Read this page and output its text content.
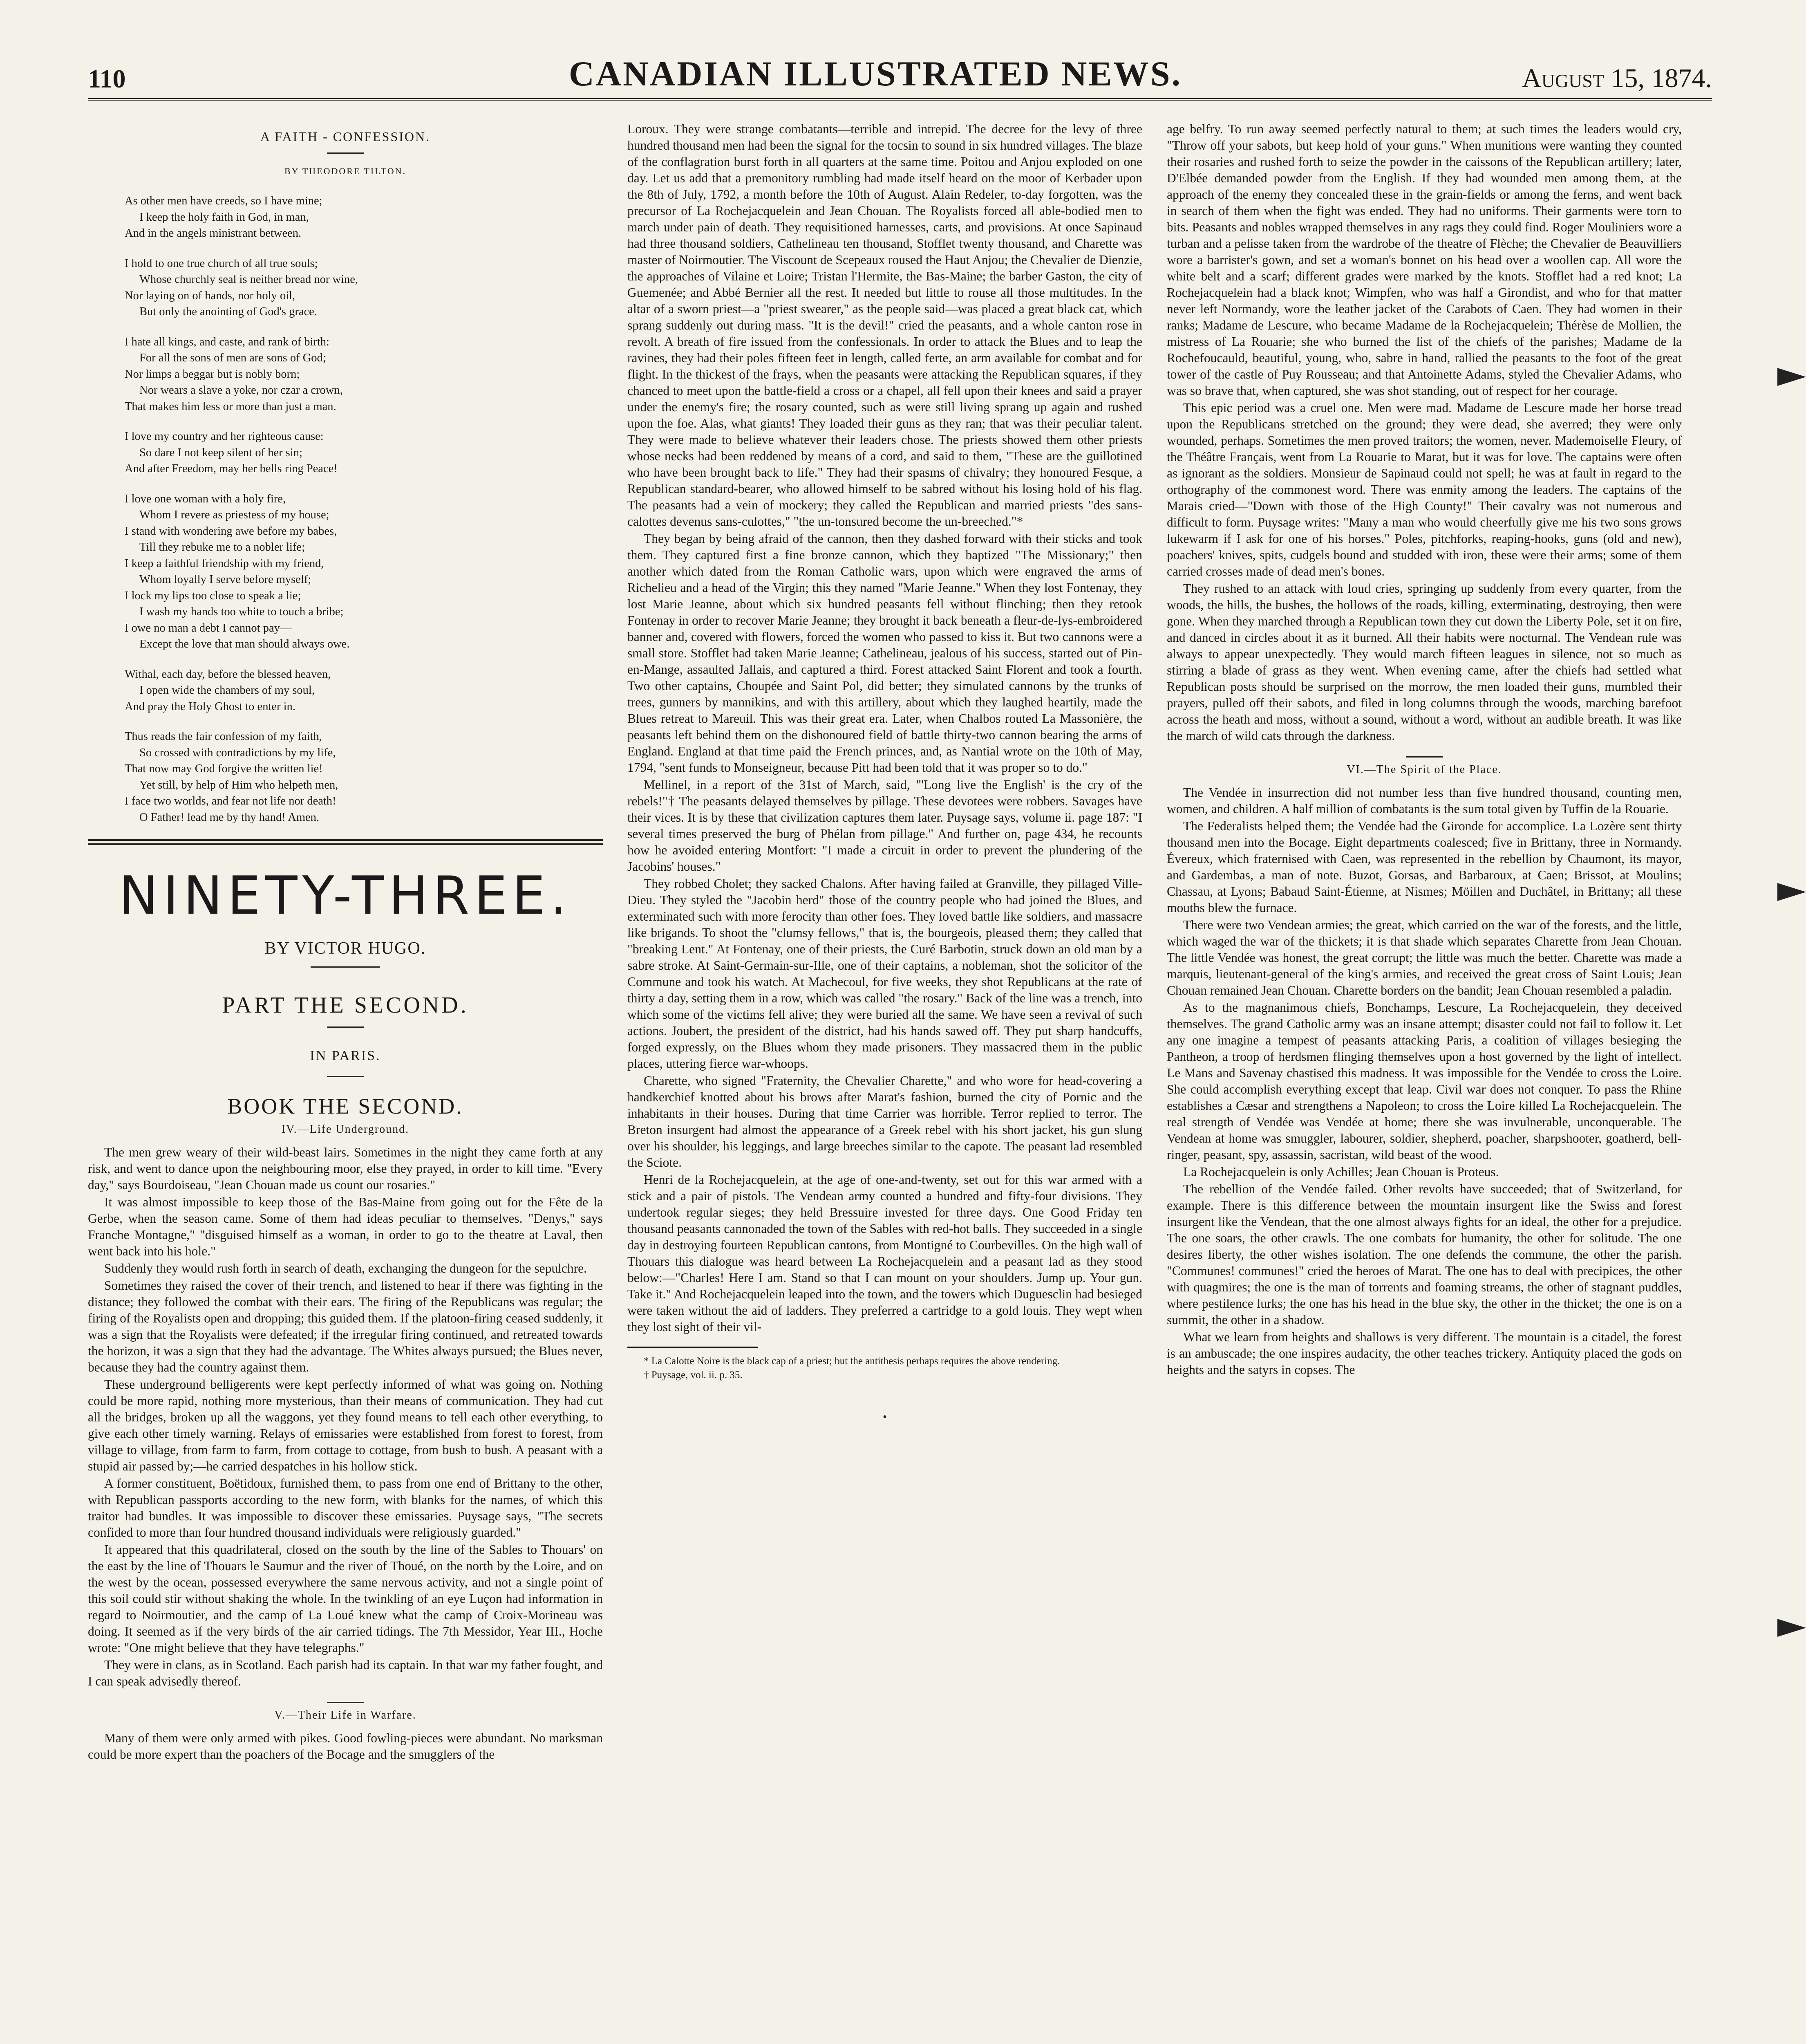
110	CANADIAN ILLUSTRATED NEWS.	August 15, 1874.
A FAITH - CONFESSION.
BY THEODORE TILTON.
As other men have creeds, so I have mine;
I keep the holy faith in God, in man,
And in the angels ministrant between.
I hold to one true church of all true souls;
Whose churchly seal is neither bread nor wine,
Nor laying on of hands, nor holy oil,
But only the anointing of God's grace.
I hate all kings, and caste, and rank of birth:
For all the sons of men are sons of God;
Nor limps a beggar but is nobly born;
Nor wears a slave a yoke, nor czar a crown,
That makes him less or more than just a man.
I love my country and her righteous cause:
So dare I not keep silent of her sin;
And after Freedom, may her bells ring Peace!
I love one woman with a holy fire,
Whom I revere as priestess of my house;
I stand with wondering awe before my babes,
Till they rebuke me to a nobler life;
I keep a faithful friendship with my friend,
Whom loyally I serve before myself;
I lock my lips too close to speak a lie;
I wash my hands too white to touch a bribe;
I owe no man a debt I cannot pay—
Except the love that man should always owe.
Withal, each day, before the blessed heaven,
I open wide the chambers of my soul,
And pray the Holy Ghost to enter in.
Thus reads the fair confession of my faith,
So crossed with contradictions by my life,
That now may God forgive the written lie!
Yet still, by help of Him who helpeth men,
I face two worlds, and fear not life nor death!
O Father! lead me by thy hand! Amen.
NINETY-THREE.
BY VICTOR HUGO.
PART THE SECOND.
IN PARIS.
BOOK THE SECOND.
IV.—Life Underground.

The men grew weary of their wild-beast lairs. Sometimes in the night they came forth at any risk, and went to dance upon the neighbouring moor, else they prayed, in order to kill time. "Every day," says Bourdoiseau, "Jean Chouan made us count our rosaries."

It was almost impossible to keep those of the Bas-Maine from going out for the Fête de la Gerbe, when the season came. Some of them had ideas peculiar to themselves. "Denys," says Franche Montagne," "disguised himself as a woman, in order to go to the theatre at Laval, then went back into his hole."

Suddenly they would rush forth in search of death, exchanging the dungeon for the sepulchre.

Sometimes they raised the cover of their trench, and listened to hear if there was fighting in the distance; they followed the combat with their ears. The firing of the Republicans was regular; the firing of the Royalists open and dropping; this guided them. If the platoon-firing ceased suddenly, it was a sign that the Royalists were defeated; if the irregular firing continued, and retreated towards the horizon, it was a sign that they had the advantage. The Whites always pursued; the Blues never, because they had the country against them.

These underground belligerents were kept perfectly informed of what was going on. Nothing could be more rapid, nothing more mysterious, than their means of communication. They had cut all the bridges, broken up all the waggons, yet they found means to tell each other everything, to give each other timely warning. Relays of emissaries were established from forest to forest, from village to village, from farm to farm, from cottage to cottage, from bush to bush. A peasant with a stupid air passed by;—he carried despatches in his hollow stick.

A former constituent, Boëtidoux, furnished them, to pass from one end of Brittany to the other, with Republican passports according to the new form, with blanks for the names, of which this traitor had bundles. It was impossible to discover these emissaries. Puysage says, "The secrets confided to more than four hundred thousand individuals were religiously guarded."

It appeared that this quadrilateral, closed on the south by the line of the Sables to Thouars' on the east by the line of Thouars le Saumur and the river of Thoué, on the north by the Loire, and on the west by the ocean, possessed everywhere the same nervous activity, and not a single point of this soil could stir without shaking the whole. In the twinkling of an eye Luçon had information in regard to Noirmoutier, and the camp of La Loué knew what the camp of Croix-Morineau was doing. It seemed as if the very birds of the air carried tidings. The 7th Messidor, Year III., Hoche wrote: "One might believe that they have telegraphs."

They were in clans, as in Scotland. Each parish had its captain. In that war my father fought, and I can speak advisedly thereof.

V.—Their Life in Warfare.

Many of them were only armed with pikes. Good fowling-pieces were abundant. No marksman could be more expert than the poachers of the Bocage and the smugglers of the

Loroux. They were strange combatants—terrible and intrepid. The decree for the levy of three hundred thousand men had been the signal for the tocsin to sound in six hundred villages. The blaze of the conflagration burst forth in all quarters at the same time. Poitou and Anjou exploded on one day. Let us add that a premonitory rumbling had made itself heard on the moor of Kerbader upon the 8th of July, 1792, a month before the 10th of August. Alain Redeler, to-day forgotten, was the precursor of La Rochejacquelein and Jean Chouan. The Royalists forced all able-bodied men to march under pain of death. They requisitioned harnesses, carts, and provisions. At once Sapinaud had three thousand soldiers, Cathelineau ten thousand, Stofflet twenty thousand, and Charette was master of Noirmoutier. The Viscount de Scepeaux roused the Haut Anjou; the Chevalier de Dienzie, the approaches of Vilaine et Loire; Tristan l'Hermite, the Bas-Maine; the barber Gaston, the city of Guemenée; and Abbé Bernier all the rest. It needed but little to rouse all those multitudes. In the altar of a sworn priest—a "priest swearer," as the people said—was placed a great black cat, which sprang suddenly out during mass. "It is the devil!" cried the peasants, and a whole canton rose in revolt. A breath of fire issued from the confessionals. In order to attack the Blues and to leap the ravines, they had their poles fifteen feet in length, called ferte, an arm available for combat and for flight. In the thickest of the frays, when the peasants were attacking the Republican squares, if they chanced to meet upon the battle-field a cross or a chapel, all fell upon their knees and said a prayer under the enemy's fire; the rosary counted, such as were still living sprang up again and rushed upon the foe. Alas, what giants! They loaded their guns as they ran; that was their peculiar talent. They were made to believe whatever their leaders chose. The priests showed them other priests whose necks had been reddened by means of a cord, and said to them, "These are the guillotined who have been brought back to life." They had their spasms of chivalry; they honoured Fesque, a Republican standard-bearer, who allowed himself to be sabred without his losing hold of his flag. The peasants had a vein of mockery; they called the Republican and married priests "des sans-calottes devenus sans-culottes," "the un-tonsured become the un-breeched."*

They began by being afraid of the cannon, then they dashed forward with their sticks and took them. They captured first a fine bronze cannon, which they baptized "The Missionary;" then another which dated from the Roman Catholic wars, upon which were engraved the arms of Richelieu and a head of the Virgin; this they named "Marie Jeanne." When they lost Fontenay, they lost Marie Jeanne, about which six hundred peasants fell without flinching; then they retook Fontenay in order to recover Marie Jeanne; they brought it back beneath a fleur-de-lys-embroidered banner and, covered with flowers, forced the women who passed to kiss it. But two cannons were a small store. Stofflet had taken Marie Jeanne; Cathelineau, jealous of his success, started out of Pin-en-Mange, assaulted Jallais, and captured a third. Forest attacked Saint Florent and took a fourth. Two other captains, Choupée and Saint Pol, did better; they simulated cannons by the trunks of trees, gunners by mannikins, and with this artillery, about which they laughed heartily, made the Blues retreat to Mareuil. This was their great era. Later, when Chalbos routed La Massonière, the peasants left behind them on the dishonoured field of battle thirty-two cannon bearing the arms of England. England at that time paid the French princes, and, as Nantial wrote on the 10th of May, 1794, "sent funds to Monseigneur, because Pitt had been told that it was proper so to do."

Mellinel, in a report of the 31st of March, said, "'Long live the English' is the cry of the rebels!"† The peasants delayed themselves by pillage. These devotees were robbers. Savages have their vices. It is by these that civilization captures them later. Puysage says, volume ii. page 187: "I several times preserved the burg of Phélan from pillage." And further on, page 434, he recounts how he avoided entering Montfort: "I made a circuit in order to prevent the plundering of the Jacobins' houses."

They robbed Cholet; they sacked Chalons. After having failed at Granville, they pillaged Ville-Dieu. They styled the "Jacobin herd" those of the country people who had joined the Blues, and exterminated such with more ferocity than other foes. They loved battle like soldiers, and massacre like brigands. To shoot the "clumsy fellows," that is, the bourgeois, pleased them; they called that "breaking Lent." At Fontenay, one of their priests, the Curé Barbotin, struck down an old man by a sabre stroke. At Saint-Germain-sur-Ille, one of their captains, a nobleman, shot the solicitor of the Commune and took his watch. At Machecoul, for five weeks, they shot Republicans at the rate of thirty a day, setting them in a row, which was called "the rosary." Back of the line was a trench, into which some of the victims fell alive; they were buried all the same. We have seen a revival of such actions. Joubert, the president of the district, had his hands sawed off. They put sharp handcuffs, forged expressly, on the Blues whom they made prisoners. They massacred them in the public places, uttering fierce war-whoops.

Charette, who signed "Fraternity, the Chevalier Charette," and who wore for head-covering a handkerchief knotted about his brows after Marat's fashion, burned the city of Pornic and the inhabitants in their houses. During that time Carrier was horrible. Terror replied to terror. The Breton insurgent had almost the appearance of a Greek rebel with his short jacket, his gun slung over his shoulder, his leggings, and large breeches similar to the capote. The peasant lad resembled the Sciote.

Henri de la Rochejacquelein, at the age of one-and-twenty, set out for this war armed with a stick and a pair of pistols. The Vendean army counted a hundred and fifty-four divisions. They undertook regular sieges; they held Bressuire invested for three days. One Good Friday ten thousand peasants cannonaded the town of the Sables with red-hot balls. They succeeded in a single day in destroying fourteen Republican cantons, from Montigné to Courbevilles. On the high wall of Thouars this dialogue was heard between La Rochejacquelein and a peasant lad as they stood below:—"Charles! Here I am. Stand so that I can mount on your shoulders. Jump up. Your gun. Take it." And Rochejacquelein leaped into the town, and the towers which Duguesclin had besieged were taken without the aid of ladders. They preferred a cartridge to a gold louis. They wept when they lost sight of their vil-

* La Calotte Noire is the black cap of a priest; but the antithesis perhaps requires the above rendering.
† Puysage, vol. ii. p. 35.
•

age belfry. To run away seemed perfectly natural to them; at such times the leaders would cry, "Throw off your sabots, but keep hold of your guns." When munitions were wanting they counted their rosaries and rushed forth to seize the powder in the caissons of the Republican artillery; later, D'Elbée demanded powder from the English. If they had wounded men among them, at the approach of the enemy they concealed these in the grain-fields or among the ferns, and went back in search of them when the fight was ended. They had no uniforms. Their garments were torn to bits. Peasants and nobles wrapped themselves in any rags they could find. Roger Mouliniers wore a turban and a pelisse taken from the wardrobe of the theatre of Flèche; the Chevalier de Beauvilliers wore a barrister's gown, and set a woman's bonnet on his head over a woollen cap. All wore the white belt and a scarf; different grades were marked by the knots. Stofflet had a red knot; La Rochejacquelein had a black knot; Wimpfen, who was half a Girondist, and who for that matter never left Normandy, wore the leather jacket of the Carabots of Caen. They had women in their ranks; Madame de Lescure, who became Madame de la Rochejacquelein; Thérèse de Mollien, the mistress of La Rouarie; she who burned the list of the chiefs of the parishes; Madame de la Rochefoucauld, beautiful, young, who, sabre in hand, rallied the peasants to the foot of the great tower of the castle of Puy Rousseau; and that Antoinette Adams, styled the Chevalier Adams, who was so brave that, when captured, she was shot standing, out of respect for her courage.

This epic period was a cruel one. Men were mad. Madame de Lescure made her horse tread upon the Republicans stretched on the ground; they were dead, she averred; they were only wounded, perhaps. Sometimes the men proved traitors; the women, never. Mademoiselle Fleury, of the Théâtre Français, went from La Rouarie to Marat, but it was for love. The captains were often as ignorant as the soldiers. Monsieur de Sapinaud could not spell; he was at fault in regard to the orthography of the commonest word. There was enmity among the leaders. The captains of the Marais cried—"Down with those of the High County!" Their cavalry was not numerous and difficult to form. Puysage writes: "Many a man who would cheerfully give me his two sons grows lukewarm if I ask for one of his horses." Poles, pitchforks, reaping-hooks, guns (old and new), poachers' knives, spits, cudgels bound and studded with iron, these were their arms; some of them carried crosses made of dead men's bones.

They rushed to an attack with loud cries, springing up suddenly from every quarter, from the woods, the hills, the bushes, the hollows of the roads, killing, exterminating, destroying, then were gone. When they marched through a Republican town they cut down the Liberty Pole, set it on fire, and danced in circles about it as it burned. All their habits were nocturnal. The Vendean rule was always to appear unexpectedly. They would march fifteen leagues in silence, not so much as stirring a blade of grass as they went. When evening came, after the chiefs had settled what Republican posts should be surprised on the morrow, the men loaded their guns, mumbled their prayers, pulled off their sabots, and filed in long columns through the woods, marching barefoot across the heath and moss, without a sound, without a word, without an audible breath. It was like the march of wild cats through the darkness.

VI.—The Spirit of the Place.

The Vendée in insurrection did not number less than five hundred thousand, counting men, women, and children. A half million of combatants is the sum total given by Tuffin de la Rouarie.

The Federalists helped them; the Vendée had the Gironde for accomplice. La Lozère sent thirty thousand men into the Bocage. Eight departments coalesced; five in Brittany, three in Normandy. Évereux, which fraternised with Caen, was represented in the rebellion by Chaumont, its mayor, and Gardembas, a man of note. Buzot, Gorsas, and Barbaroux, at Caen; Brissot, at Moulins; Chassau, at Lyons; Babaud Saint-Étienne, at Nismes; Möillen and Duchâtel, in Brittany; all these mouths blew the furnace.

There were two Vendean armies; the great, which carried on the war of the forests, and the little, which waged the war of the thickets; it is that shade which separates Charette from Jean Chouan. The little Vendée was honest, the great corrupt; the little was much the better. Charette was made a marquis, lieutenant-general of the king's armies, and received the great cross of Saint Louis; Jean Chouan remained Jean Chouan. Charette borders on the bandit; Jean Chouan resembled a paladin.

As to the magnanimous chiefs, Bonchamps, Lescure, La Rochejacquelein, they deceived themselves. The grand Catholic army was an insane attempt; disaster could not fail to follow it. Let any one imagine a tempest of peasants attacking Paris, a coalition of villages besieging the Pantheon, a troop of herdsmen flinging themselves upon a host governed by the light of intellect. Le Mans and Savenay chastised this madness. It was impossible for the Vendée to cross the Loire. She could accomplish everything except that leap. Civil war does not conquer. To pass the Rhine establishes a Cæsar and strengthens a Napoleon; to cross the Loire killed La Rochejacquelein. The real strength of Vendée was Vendée at home; there she was invulnerable, unconquerable. The Vendean at home was smuggler, labourer, soldier, shepherd, poacher, sharpshooter, goatherd, bell-ringer, peasant, spy, assassin, sacristan, wild beast of the wood.

La Rochejacquelein is only Achilles; Jean Chouan is Proteus.

The rebellion of the Vendée failed. Other revolts have succeeded; that of Switzerland, for example. There is this difference between the mountain insurgent like the Swiss and forest insurgent like the Vendean, that the one almost always fights for an ideal, the other for a prejudice. The one soars, the other crawls. The one combats for humanity, the other for solitude. The one desires liberty, the other wishes isolation. The one defends the commune, the other the parish. "Communes! communes!" cried the heroes of Marat. The one has to deal with precipices, the other with quagmires; the one is the man of torrents and foaming streams, the other of stagnant puddles, where pestilence lurks; the one has his head in the blue sky, the other in the thicket; the one is on a summit, the other in a shadow.

What we learn from heights and shallows is very different. The mountain is a citadel, the forest is an ambuscade; the one inspires audacity, the other teaches trickery. Antiquity placed the gods on heights and the satyrs in copses. The
